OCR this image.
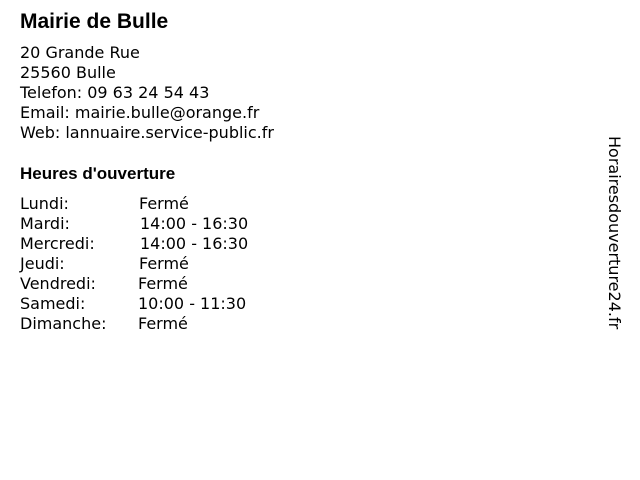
Mairie de Bulle
20 Grande Rue
25560 Bulle
Telefon: 09 63 24 54 43
Email: mairie.bulle@orange.fr
Web: lannuaire.service-public.fr
Heures d'ouverture
Lundi:	Fermé
Mardi:	14:00 - 16:30
Mercredi:	14:00 - 16:30
Jeudi:	Fermé
Vendredi:	Fermé
Samedi:	10:00 - 11:30
Dimanche: Fermé	Horairesdouverture24.fr
